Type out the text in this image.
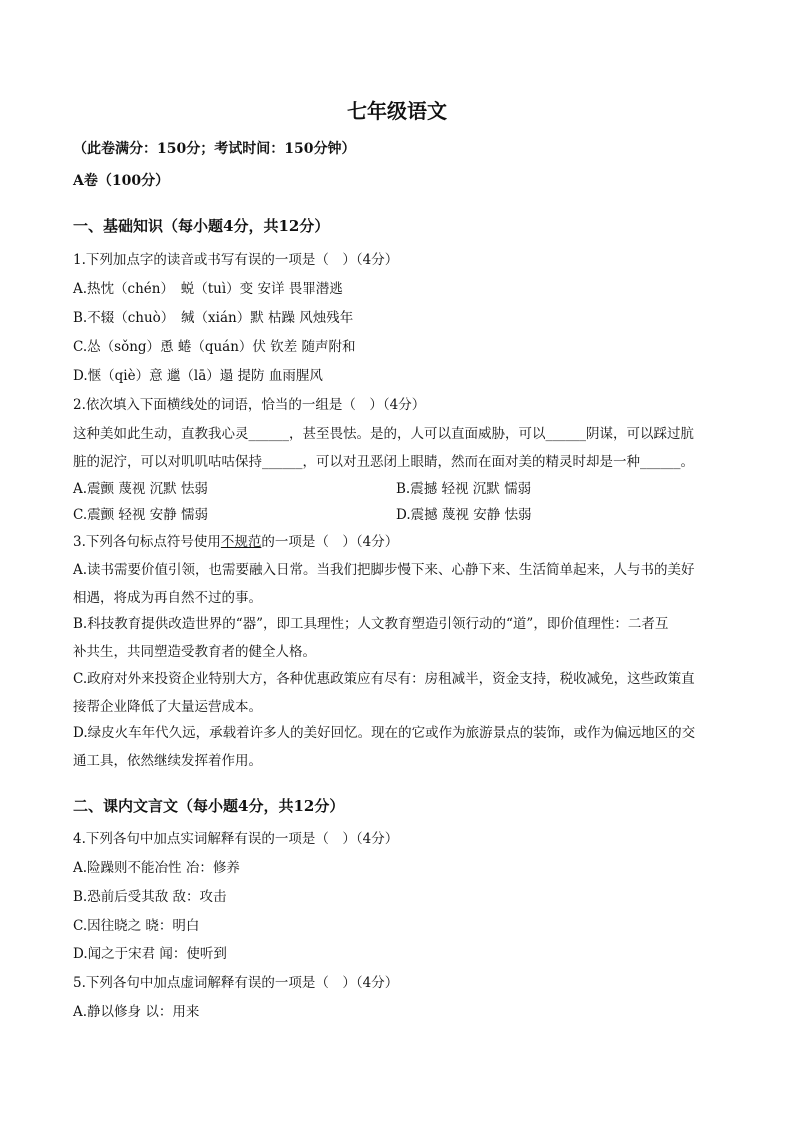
七年级语文
（此卷满分：150分；考试时间：150分钟）
A卷（100分）
一、基础知识（每小题4分，共12分）
1.下列加点字的读音或书写有误的一项是（　）（4分）
A.热忱（chén）　蜕（tuì）变 安详 畏罪潜逃
B.不辍（chuò）　缄（xián）默 枯躁 风烛残年
C.怂（sǒng）恿 蜷（quán）伏 钦差 随声附和
D.惬（qiè）意 邋（lā）遢 提防 血雨腥风
2.依次填入下面横线处的词语，恰当的一组是（　）（4分）
这种美如此生动，直教我心灵______，甚至畏怯。是的，人可以直面威胁，可以______阴谋，可以踩过肮
脏的泥泞，可以对叽叽咕咕保持______，可以对丑恶闭上眼睛，然而在面对美的精灵时却是一种______。
A.震颤 蔑视 沉默 怯弱	B.震撼 轻视 沉默 懦弱
C.震颤 轻视 安静 懦弱	D.震撼 蔑视 安静 怯弱
3.下列各句标点符号使用不规范的一项是（　）（4分）
A.读书需要价值引领，也需要融入日常。当我们把脚步慢下来、心静下来、生活简单起来，人与书的美好
相遇，将成为再自然不过的事。
B.科技教育提供改造世界的“器”，即工具理性；人文教育塑造引领行动的“道”，即价值理性：二者互
补共生，共同塑造受教育者的健全人格。
C.政府对外来投资企业特别大方，各种优惠政策应有尽有：房租减半，资金支持，税收减免，这些政策直
接帮企业降低了大量运营成本。
D.绿皮火车年代久远，承载着许多人的美好回忆。现在的它或作为旅游景点的装饰，或作为偏远地区的交
通工具，依然继续发挥着作用。
二、课内文言文（每小题4分，共12分）
4.下列各句中加点实词解释有误的一项是（　）（4分）
A.险躁则不能冶性 冶：修养
B.恐前后受其敌 敌：攻击
C.因往晓之 晓：明白
D.闻之于宋君 闻：使听到
5.下列各句中加点虚词解释有误的一项是（　）（4分）
A.静以修身 以：用来
